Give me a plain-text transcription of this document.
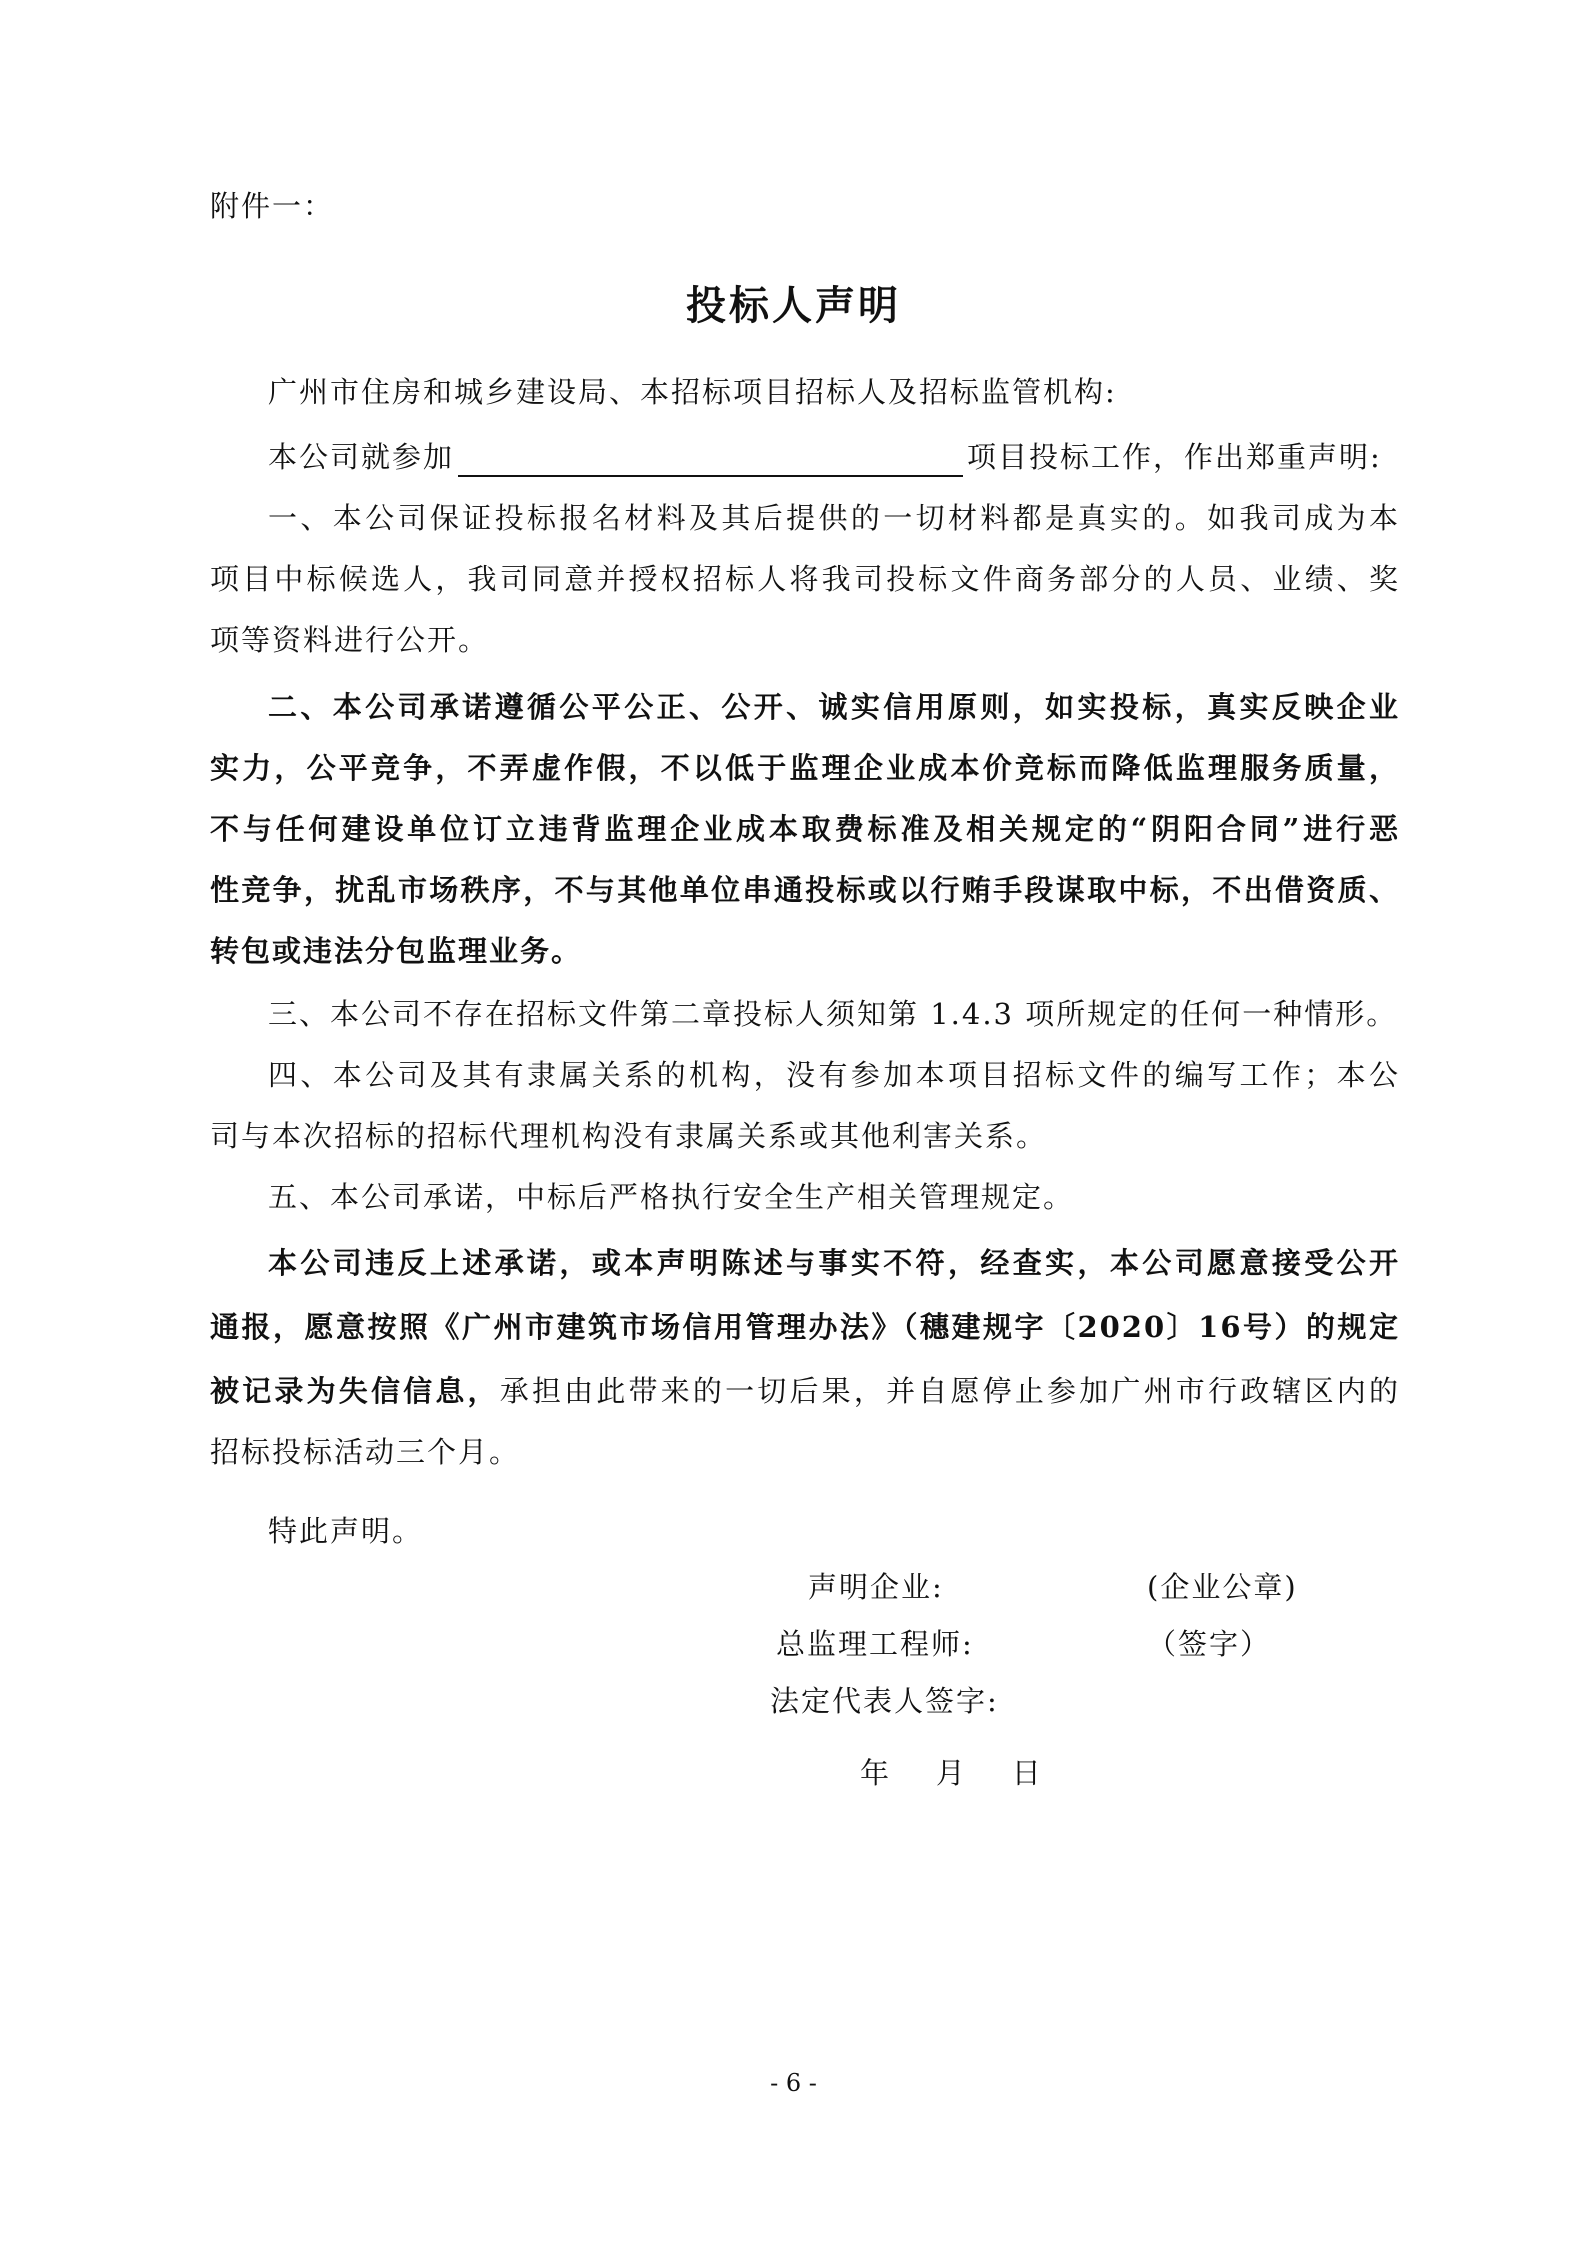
附件一：
投标人声明
广州市住房和城乡建设局、本招标项目招标人及招标监管机构:
本公司就参加	项目投标工作，作出郑重声明:
一、本公司保证投标报名材料及其后提供的一切材料都是真实的。如我司成为本
项目中标候选人，我司同意并授权招标人将我司投标文件商务部分的人员、业绩、奖
项等资料进行公开。
二、本公司承诺遵循公平公正、公开、诚实信用原则，如实投标，真实反映企业
实力，公平竞争，不弄虚作假，不以低于监理企业成本价竞标而降低监理服务质量，
不与任何建设单位订立违背监理企业成本取费标准及相关规定的“阴阳合同”进行恶
性竞争，扰乱市场秩序，不与其他单位串通投标或以行贿手段谋取中标，不出借资质、
转包或违法分包监理业务。
三、本公司不存在招标文件第二章投标人须知第 1.4.3 项所规定的任何一种情形。
四、本公司及其有隶属关系的机构，没有参加本项目招标文件的编写工作；本公
司与本次招标的招标代理机构没有隶属关系或其他利害关系。
五、本公司承诺，中标后严格执行安全生产相关管理规定。
本公司违反上述承诺，或本声明陈述与事实不符，经查实，本公司愿意接受公开
通报，愿意按照《广州市建筑市场信用管理办法》（穗建规字〔2020〕16号）的规定
被记录为失信信息，承担由此带来的一切后果，并自愿停止参加广州市行政辖区内的
招标投标活动三个月。
特此声明。
声明企业:	(企业公章)
总监理工程师:	（签字）
法定代表人签字:
年    月    日
- 6 -
